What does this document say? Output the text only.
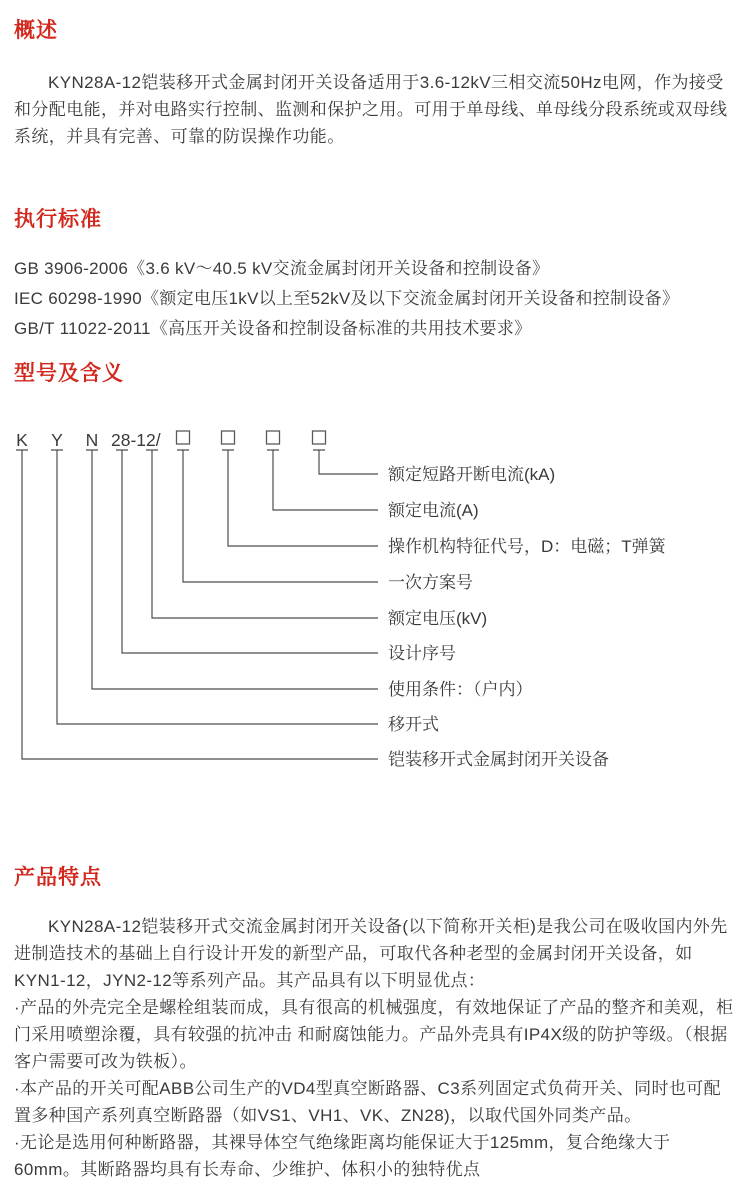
概述

KYN28A-12铠装移开式金属封闭开关设备适用于3.6-12kV三相交流50Hz电网，作为接受和分配电能，并对电路实行控制、监测和保护之用。可用于单母线、单母线分段系统或双母线系统，并具有完善、可靠的防误操作功能。

执行标准
GB 3906-2006《3.6 kV～40.5 kV交流金属封闭开关设备和控制设备》
IEC 60298-1990《额定电压1kV以上至52kV及以下交流金属封闭开关设备和控制设备》
GB/T 11022-2011《高压开关设备和控制设备标准的共用技术要求》
型号及含义
K Y N 28-12/
额定短路开断电流(kA)
额定电流(A)
操作机构特征代号，D：电磁；T弹簧
一次方案号
额定电压(kV)
设计序号
使用条件：（户内）
移开式
铠装移开式金属封闭开关设备
产品特点

KYN28A-12铠装移开式交流金属封闭开关设备(以下简称开关柜)是我公司在吸收国内外先进制造技术的基础上自行设计开发的新型产品，可取代各种老型的金属封闭开关设备，如KYN1-12，JYN2-12等系列产品。其产品具有以下明显优点：

·产品的外壳完全是螺栓组装而成，具有很高的机械强度，有效地保证了产品的整齐和美观，柜门采用喷塑涂覆，具有较强的抗冲击 和耐腐蚀能力。产品外壳具有IP4X级的防护等级。（根据客户需要可改为铁板）。

·本产品的开关可配ABB公司生产的VD4型真空断路器、C3系列固定式负荷开关、同时也可配置多种国产系列真空断路器（如VS1、VH1、VK、ZN28)，以取代国外同类产品。

·无论是选用何种断路器，其裸导体空气绝缘距离均能保证大于125mm，复合绝缘大于60mm。其断路器均具有长寿命、少维护、体积小的独特优点
